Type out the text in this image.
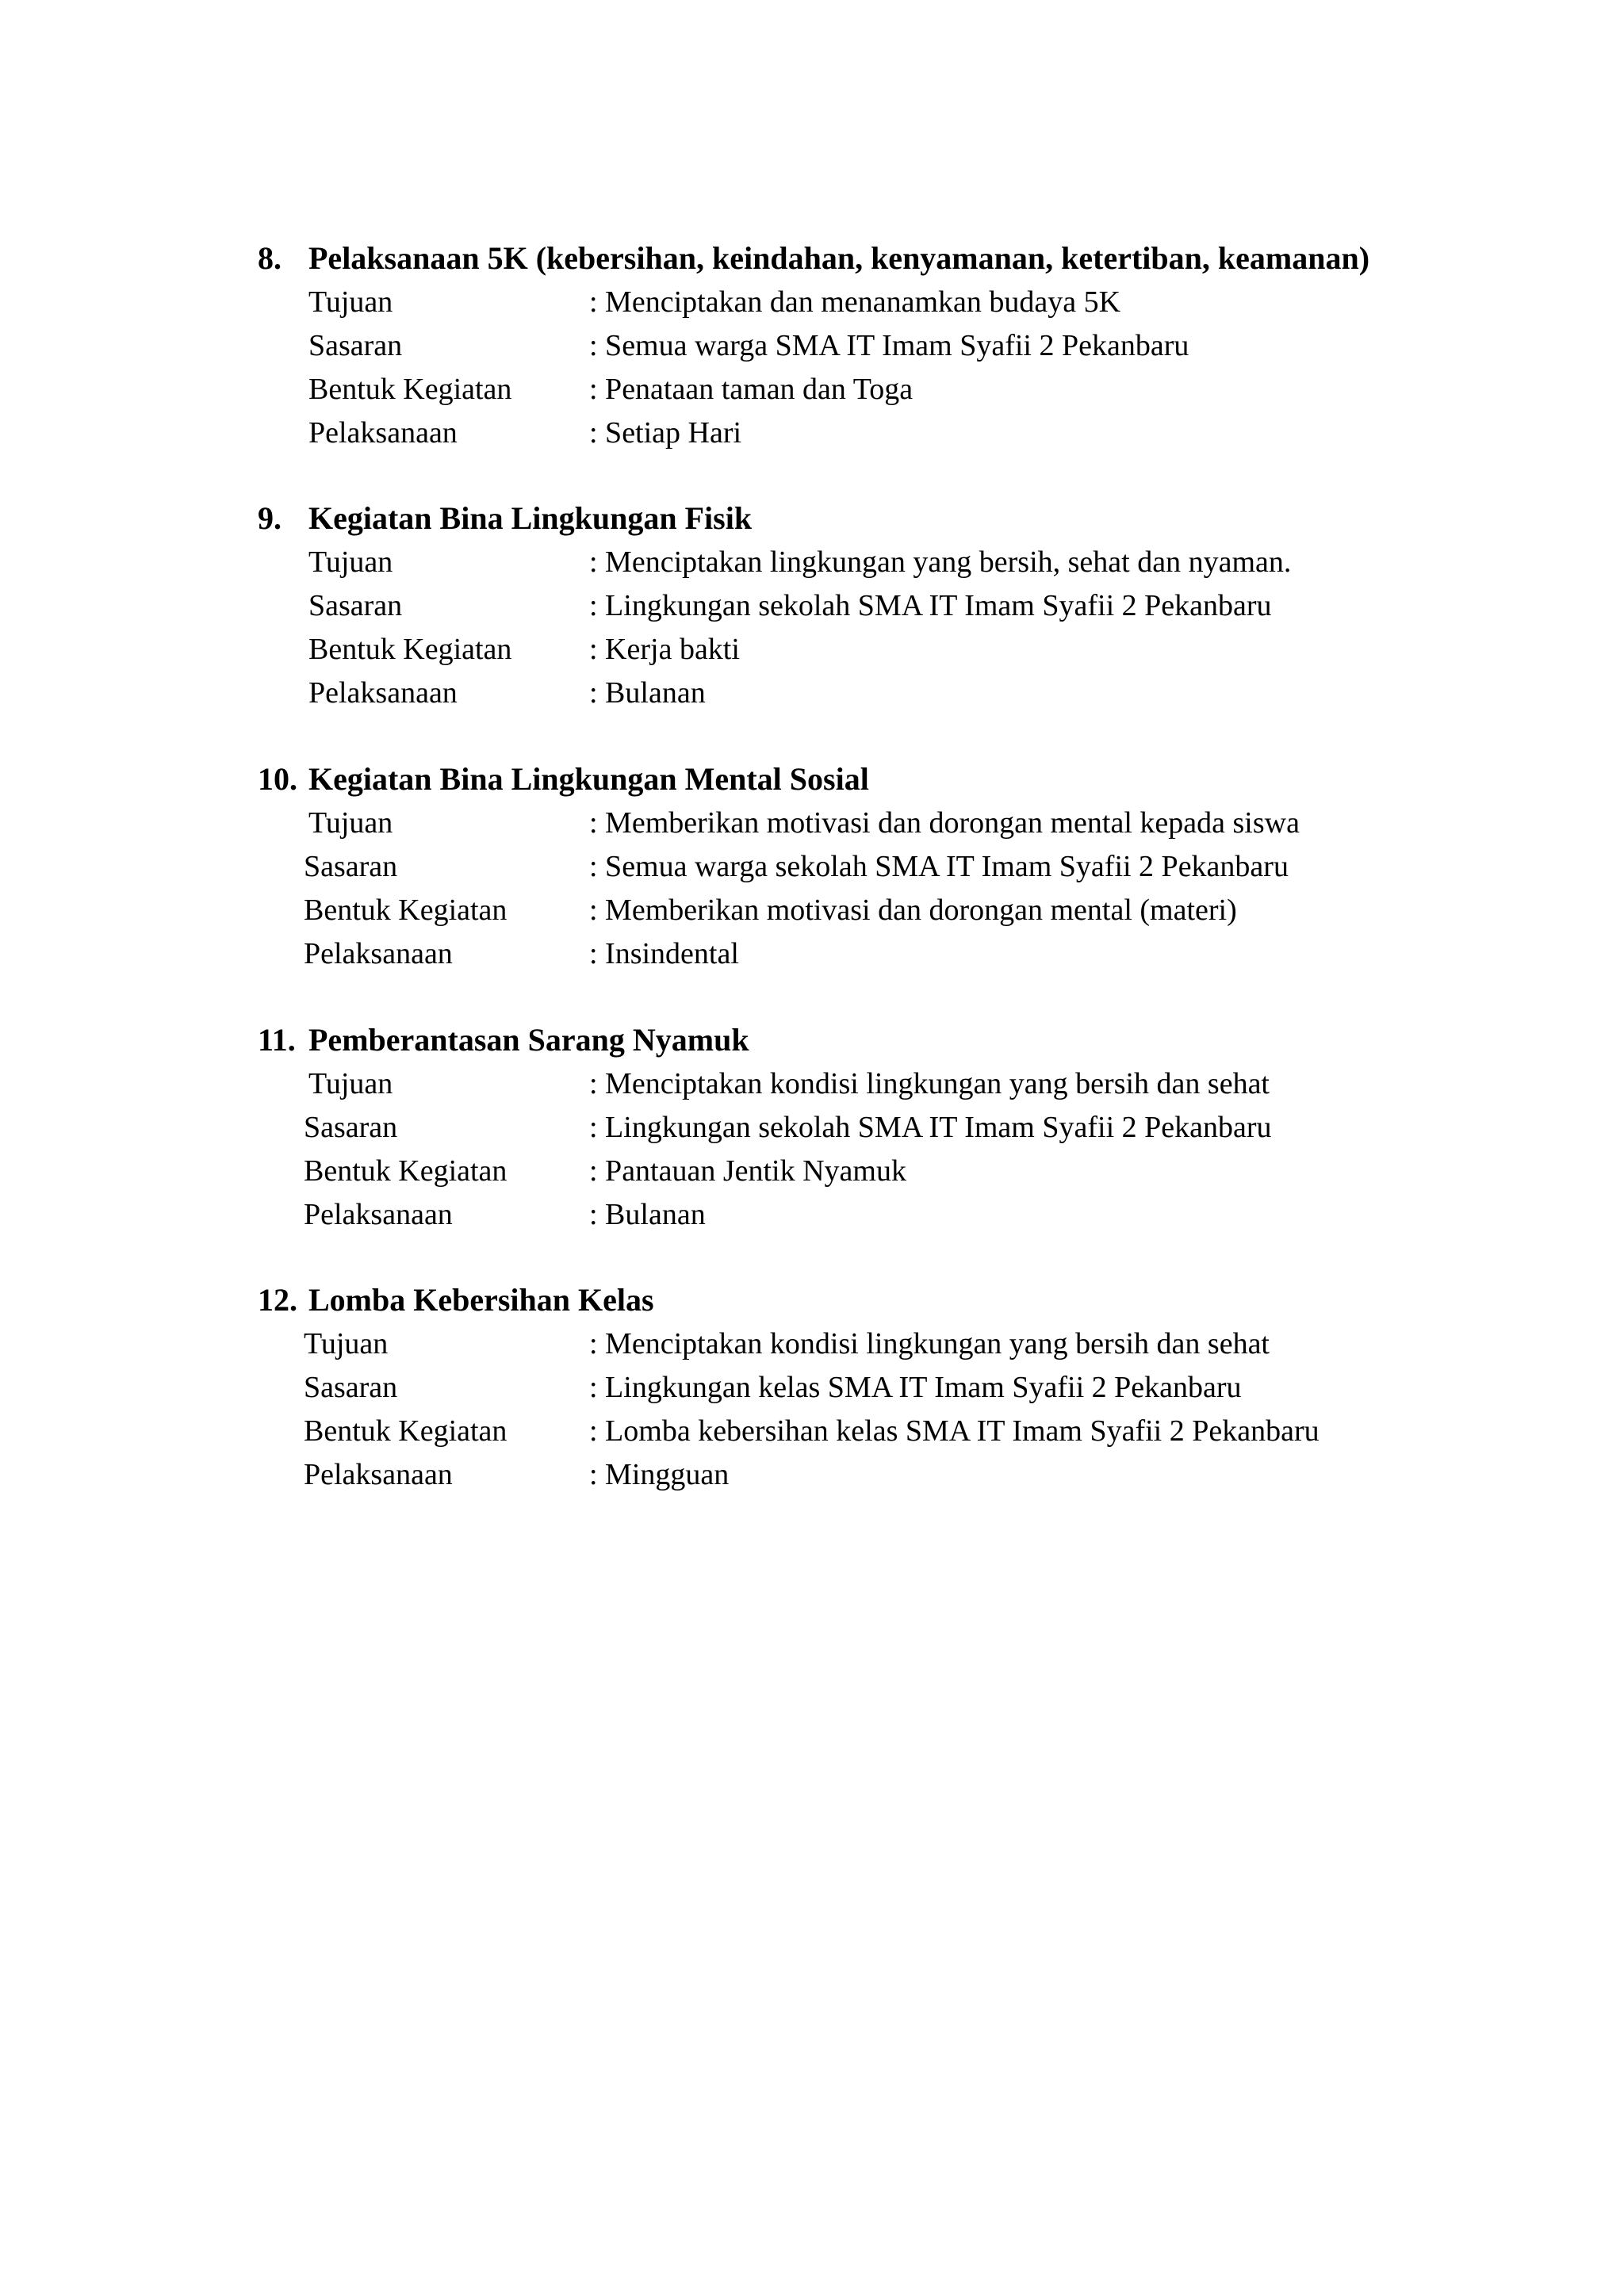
8. Pelaksanaan 5K (kebersihan, keindahan, kenyamanan, ketertiban, keamanan)
Tujuan	: Menciptakan dan menanamkan budaya 5K
Sasaran	: Semua warga SMA IT Imam Syafii 2 Pekanbaru
Bentuk Kegiatan	: Penataan taman dan Toga
Pelaksanaan	: Setiap Hari
9. Kegiatan Bina Lingkungan Fisik
Tujuan	: Menciptakan lingkungan yang bersih, sehat dan nyaman.
Sasaran	: Lingkungan sekolah SMA IT Imam Syafii 2 Pekanbaru
Bentuk Kegiatan	: Kerja bakti
Pelaksanaan	: Bulanan
10. Kegiatan Bina Lingkungan Mental Sosial
Tujuan	: Memberikan motivasi dan dorongan mental kepada siswa
Sasaran	: Semua warga sekolah SMA IT Imam Syafii 2 Pekanbaru
Bentuk Kegiatan	: Memberikan motivasi dan dorongan mental (materi)
Pelaksanaan	: Insindental
11. Pemberantasan Sarang Nyamuk
Tujuan	: Menciptakan kondisi lingkungan yang bersih dan sehat
Sasaran	: Lingkungan sekolah SMA IT Imam Syafii 2 Pekanbaru
Bentuk Kegiatan	: Pantauan Jentik Nyamuk
Pelaksanaan	: Bulanan
12. Lomba Kebersihan Kelas
Tujuan	: Menciptakan kondisi lingkungan yang bersih dan sehat
Sasaran	: Lingkungan kelas SMA IT Imam Syafii 2 Pekanbaru
Bentuk Kegiatan	: Lomba kebersihan kelas SMA IT Imam Syafii 2 Pekanbaru
Pelaksanaan	: Mingguan
